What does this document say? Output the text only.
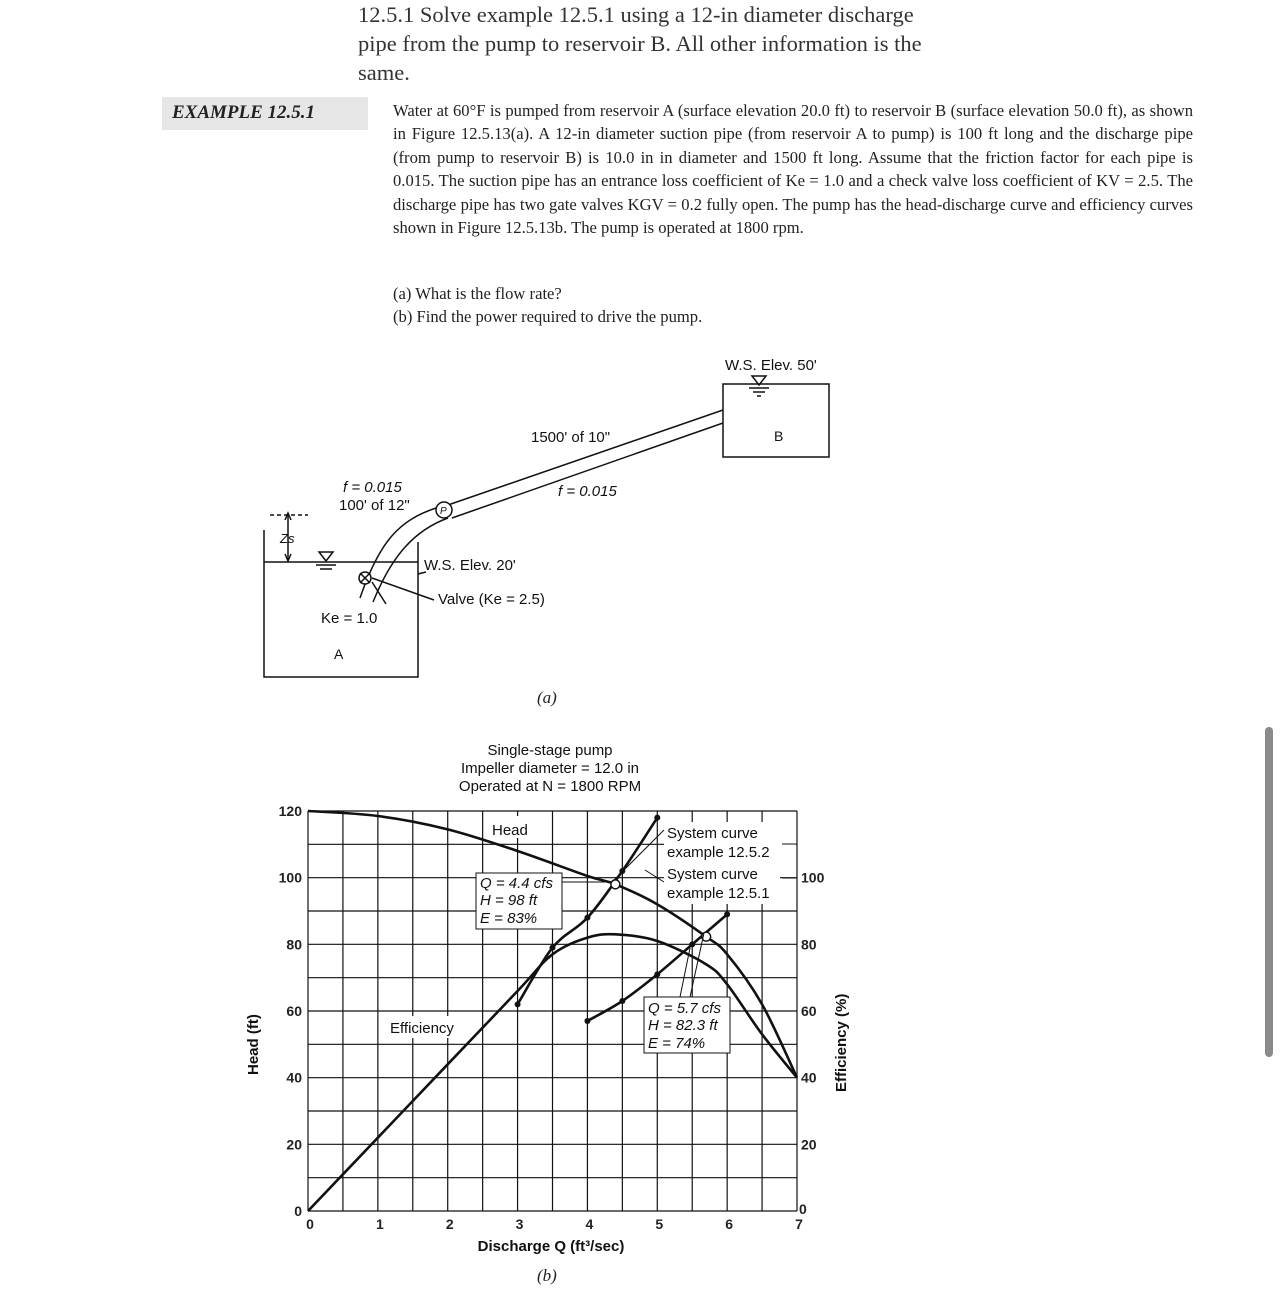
12.5.1 Solve example 12.5.1 using a 12-in diameter discharge
pipe from the pump to reservoir B. All other information is the
same.
EXAMPLE 12.5.1	Water at 60°F is pumped from reservoir A (surface elevation 20.0 ft) to reservoir B (surface elevation 50.0 ft), as shown in Figure 12.5.13(a). A 12-in diameter suction pipe (from reservoir A to pump) is 100 ft long and the discharge pipe (from pump to reservoir B) is 10.0 in in diameter and 1500 ft long. Assume that the friction factor for each pipe is 0.015. The suction pipe has an entrance loss coefficient of Ke = 1.0 and a check valve loss coefficient of KV = 2.5. The discharge pipe has two gate valves KGV = 0.2 fully open. The pump has the head-discharge curve and efficiency curves shown in Figure 12.5.13b. The pump is operated at 1800 rpm.
(a) What is the flow rate?
(b) Find the power required to drive the pump.
W.S. Elev. 50'
B
1500' of 10"
f = 0.015
f = 0.015
100' of 12"	P
Zs
W.S. Elev. 20'
Valve (Ke = 2.5)
Ke = 1.0
A
(a)
0
20	20
40	40
60	60
80	80
100	100
120
0
0	1	2	3	4	5	6	7
Single-stage pump
Impeller diameter = 12.0 in
Operated at N = 1800 RPM
Head
Efficiency
System curve
example 12.5.2
System curve
example 12.5.1
Q = 4.4 cfs
H = 98 ft
E = 83%
Q = 5.7 cfs
H = 82.3 ft
E = 74%
Head (ft)	Efficiency (%)
Discharge Q (ft³/sec)
(b)
